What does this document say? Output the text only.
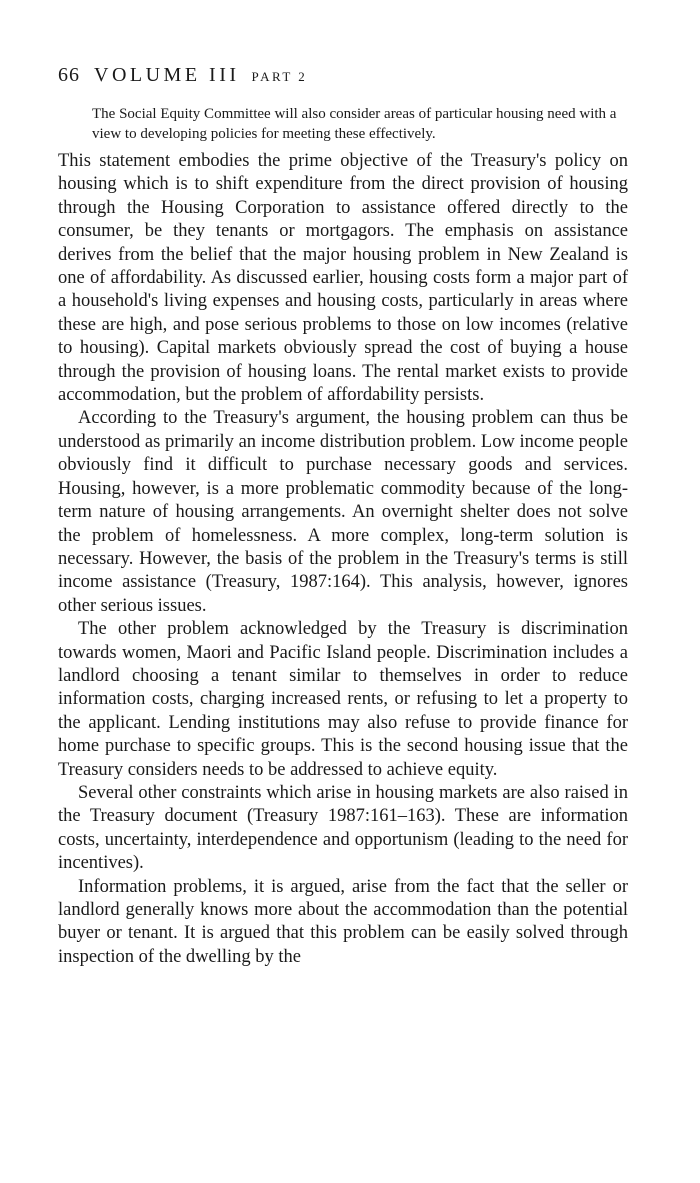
66 VOLUME III PART 2
The Social Equity Committee will also consider areas of particular housing need with a view to developing policies for meeting these effectively.

This statement embodies the prime objective of the Treasury's policy on housing which is to shift expenditure from the direct provision of housing through the Housing Corporation to assistance offered directly to the consumer, be they tenants or mortgagors. The emphasis on assistance derives from the belief that the major housing problem in New Zealand is one of affordability. As discussed earlier, housing costs form a major part of a household's living expenses and housing costs, particularly in areas where these are high, and pose serious problems to those on low incomes (relative to housing). Capital markets obviously spread the cost of buying a house through the provision of housing loans. The rental market exists to provide accommodation, but the problem of affordability persists.

According to the Treasury's argument, the housing problem can thus be understood as primarily an income distribution problem. Low income people obviously find it difficult to purchase necessary goods and services. Housing, however, is a more problematic commodity because of the long-term nature of housing arrangements. An overnight shelter does not solve the problem of homelessness. A more complex, long-term solution is necessary. However, the basis of the problem in the Treasury's terms is still income assistance (Treasury, 1987:164). This analysis, however, ignores other serious issues.

The other problem acknowledged by the Treasury is discrimination towards women, Maori and Pacific Island people. Discrimination includes a landlord choosing a tenant similar to themselves in order to reduce information costs, charging increased rents, or refusing to let a property to the applicant. Lending institutions may also refuse to provide finance for home purchase to specific groups. This is the second housing issue that the Treasury considers needs to be addressed to achieve equity.

Several other constraints which arise in housing markets are also raised in the Treasury document (Treasury 1987:161–163). These are information costs, uncertainty, interdependence and opportunism (leading to the need for incentives).

Information problems, it is argued, arise from the fact that the seller or landlord generally knows more about the accommodation than the potential buyer or tenant. It is argued that this problem can be easily solved through inspection of the dwelling by the
